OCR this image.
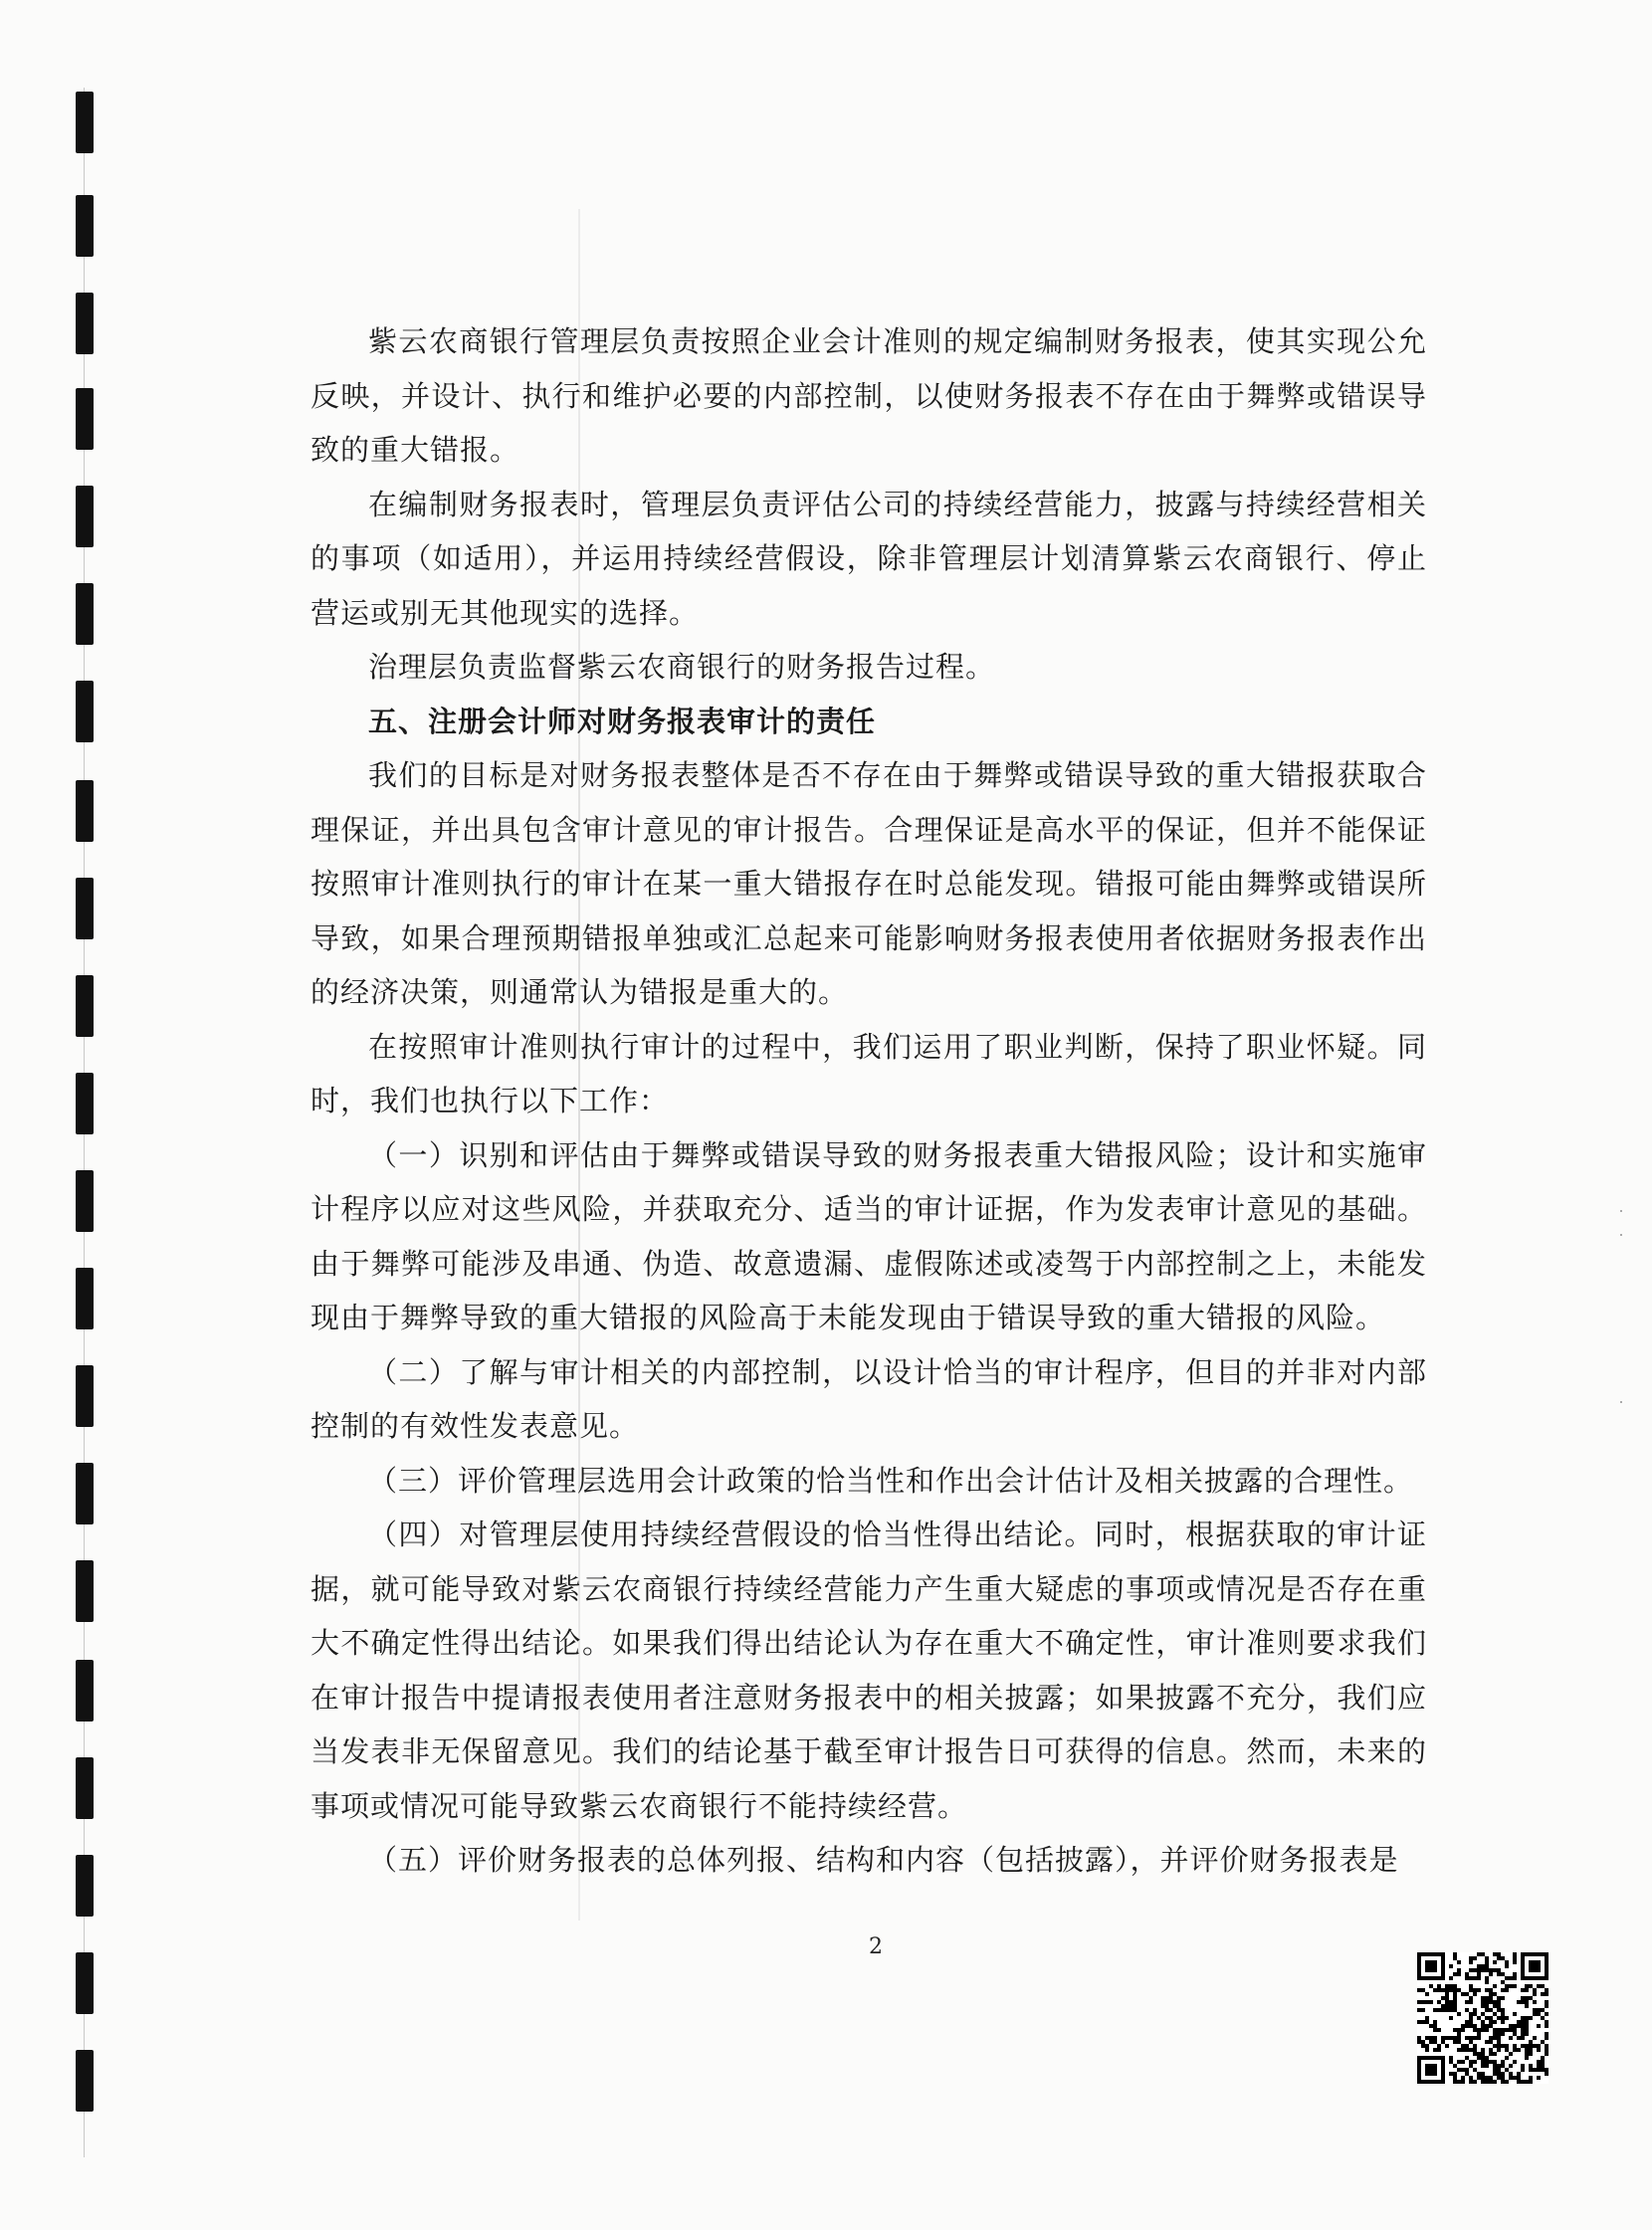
紫云农商银行管理层负责按照企业会计准则的规定编制财务报表，使其实现公允反映，并设计、执行和维护必要的内部控制，以使财务报表不存在由于舞弊或错误导致的重大错报。

在编制财务报表时，管理层负责评估公司的持续经营能力，披露与持续经营相关的事项（如适用），并运用持续经营假设，除非管理层计划清算紫云农商银行、停止营运或别无其他现实的选择。

治理层负责监督紫云农商银行的财务报告过程。

五、注册会计师对财务报表审计的责任

我们的目标是对财务报表整体是否不存在由于舞弊或错误导致的重大错报获取合理保证，并出具包含审计意见的审计报告。合理保证是高水平的保证，但并不能保证按照审计准则执行的审计在某一重大错报存在时总能发现。错报可能由舞弊或错误所导致，如果合理预期错报单独或汇总起来可能影响财务报表使用者依据财务报表作出的经济决策，则通常认为错报是重大的。

在按照审计准则执行审计的过程中，我们运用了职业判断，保持了职业怀疑。同时，我们也执行以下工作：

（一）识别和评估由于舞弊或错误导致的财务报表重大错报风险；设计和实施审计程序以应对这些风险，并获取充分、适当的审计证据，作为发表审计意见的基础。由于舞弊可能涉及串通、伪造、故意遗漏、虚假陈述或凌驾于内部控制之上，未能发现由于舞弊导致的重大错报的风险高于未能发现由于错误导致的重大错报的风险。

（二）了解与审计相关的内部控制，以设计恰当的审计程序，但目的并非对内部控制的有效性发表意见。

（三）评价管理层选用会计政策的恰当性和作出会计估计及相关披露的合理性。

（四）对管理层使用持续经营假设的恰当性得出结论。同时，根据获取的审计证据，就可能导致对紫云农商银行持续经营能力产生重大疑虑的事项或情况是否存在重大不确定性得出结论。如果我们得出结论认为存在重大不确定性，审计准则要求我们在审计报告中提请报表使用者注意财务报表中的相关披露；如果披露不充分，我们应当发表非无保留意见。我们的结论基于截至审计报告日可获得的信息。然而，未来的事项或情况可能导致紫云农商银行不能持续经营。

（五）评价财务报表的总体列报、结构和内容（包括披露），并评价财务报表是

2
